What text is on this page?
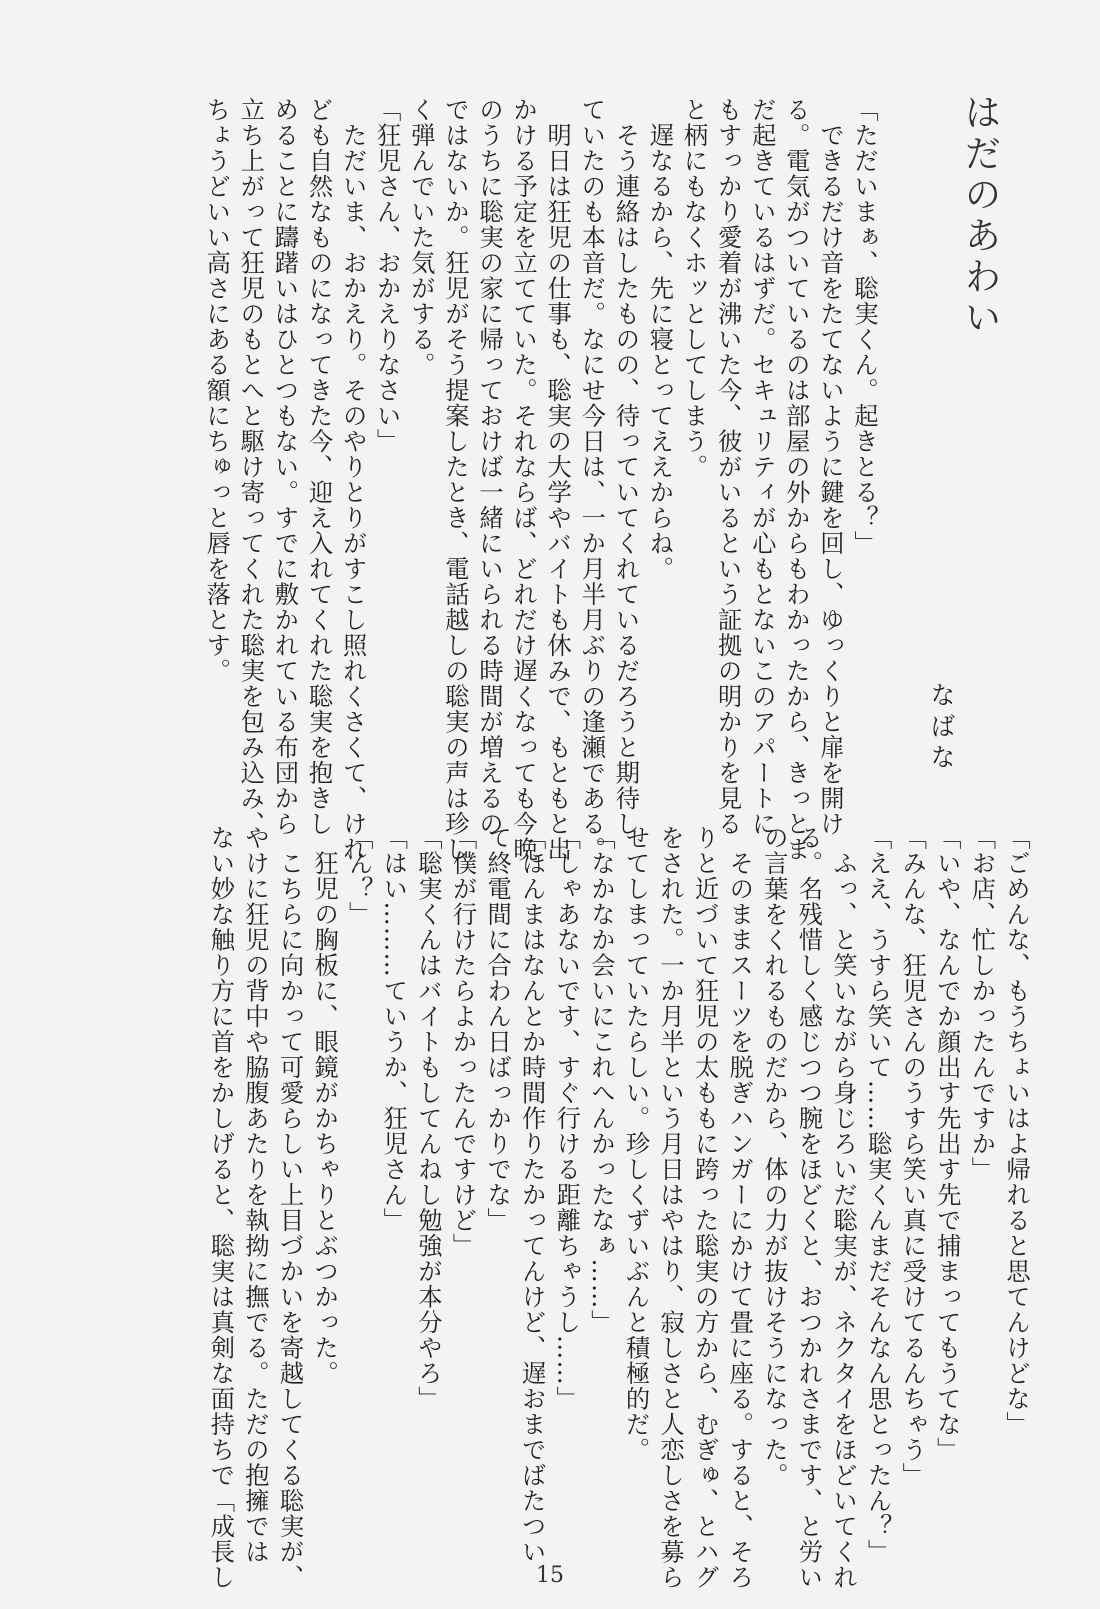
はだのあわい
なばな
「ただいまぁ、聡実くん。起きとる？」
　できるだけ音をたてないように鍵を回し、ゆっくりと扉を開け
る。電気がついているのは部屋の外からもわかったから、きっとま
だ起きているはずだ。セキュリティが心もとないこのアパートに
もすっかり愛着が沸いた今、彼がいるという証拠の明かりを見る
と柄にもなくホッとしてしまう。
　遅なるから、先に寝とってええからね。
　そう連絡はしたものの、待っていてくれているだろうと期待し
ていたのも本音だ。なにせ今日は、一か月半月ぶりの逢瀬である。
　明日は狂児の仕事も、聡実の大学やバイトも休みで、もともと出
かける予定を立てていた。それならば、どれだけ遅くなっても今晩
のうちに聡実の家に帰っておけば一緒にいられる時間が増えるの
ではないか。狂児がそう提案したとき、電話越しの聡実の声は珍し
く弾んでいた気がする。
「狂児さん、おかえりなさい」
　ただいま、おかえり。そのやりとりがすこし照れくさくて、けれ
ども自然なものになってきた今、迎え入れてくれた聡実を抱きし
めることに躊躇いはひとつもない。すでに敷かれている布団から
立ち上がって狂児のもとへと駆け寄ってくれた聡実を包み込み、
ちょうどいい高さにある額にちゅっと唇を落とす。
「ごめんな、もうちょいはよ帰れると思てんけどな」
「お店、忙しかったんですか」
「いや、なんでか顔出す先出す先で捕まってもうてな」
「みんな、狂児さんのうすら笑い真に受けてるんちゃう」
「ええ、うすら笑いて……聡実くんまだそんなん思とったん？」
　ふっ、と笑いながら身じろいだ聡実が、ネクタイをほどいてくれ
る。名残惜しく感じつつ腕をほどくと、おつかれさまです、と労い
の言葉をくれるものだから、体の力が抜けそうになった。
　そのままスーツを脱ぎハンガーにかけて畳に座る。すると、そろ
りと近づいて狂児の太ももに跨った聡実の方から、むぎゅ、とハグ
をされた。一か月半という月日はやはり、寂しさと人恋しさを募ら
せてしまっていたらしい。珍しくずいぶんと積極的だ。
「なかなか会いにこれへんかったなぁ……」
「しゃあないです、すぐ行ける距離ちゃうし……」
「ほんまはなんとか時間作りたかってんけど、遅おまでばたつい
て終電間に合わん日ばっかりでな」
「僕が行けたらよかったんですけど」
「聡実くんはバイトもしてんねし勉強が本分やろ」
「はい………ていうか、狂児さん」
「ん？」
　狂児の胸板に、眼鏡がかちゃりとぶつかった。
　こちらに向かって可愛らしい上目づかいを寄越してくる聡実が、
やけに狂児の背中や脇腹あたりを執拗に撫でる。ただの抱擁では
ない妙な触り方に首をかしげると、聡実は真剣な面持ちで「成長し	15
